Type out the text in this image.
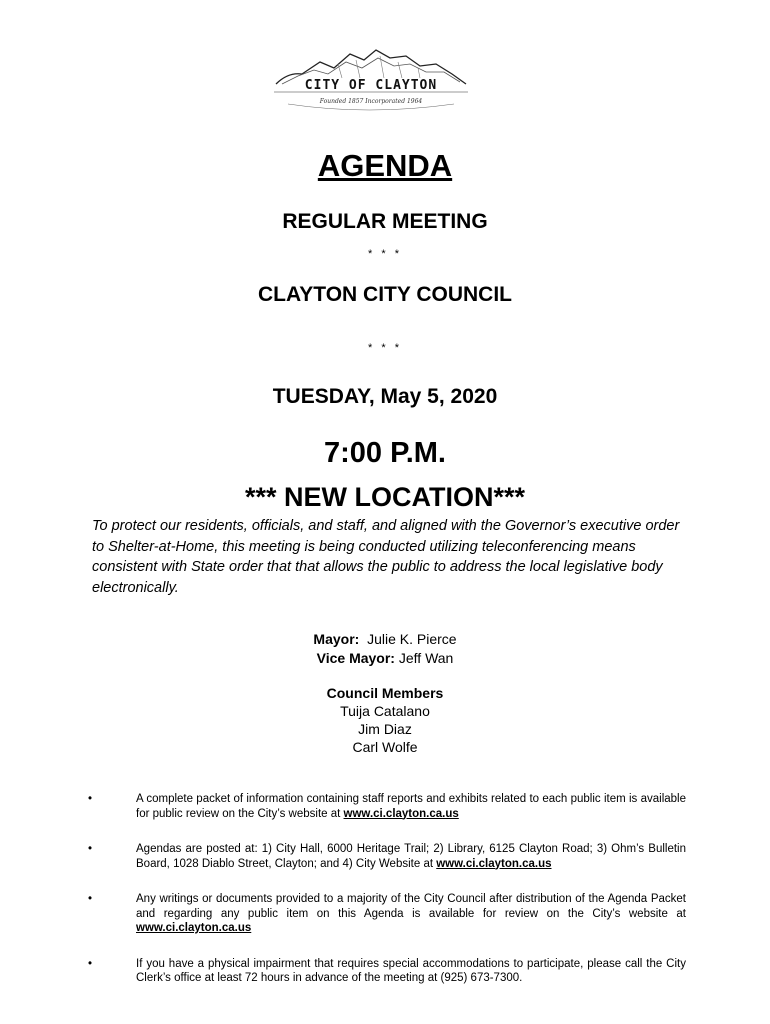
CITY OF CLAYTON
Founded 1857 Incorporated 1964
AGENDA
REGULAR MEETING
* * *
CLAYTON CITY COUNCIL
* * *
TUESDAY, May 5, 2020
7:00 P.M.
*** NEW LOCATION***
To protect our residents, officials, and staff, and aligned with the Governor’s executive order to Shelter-at-Home, this meeting is being conducted utilizing teleconferencing means consistent with State order that that allows the public to address the local legislative body electronically.
Mayor: Julie K. Pierce
Vice Mayor: Jeff Wan
Council Members
Tuija Catalano
Jim Diaz
Carl Wolfe
•	A complete packet of information containing staff reports and exhibits related to each public item is available for public review on the City’s website at www.ci.clayton.ca.us
•	Agendas are posted at: 1) City Hall, 6000 Heritage Trail; 2) Library, 6125 Clayton Road; 3) Ohm’s Bulletin Board, 1028 Diablo Street, Clayton; and 4) City Website at www.ci.clayton.ca.us
•	Any writings or documents provided to a majority of the City Council after distribution of the Agenda Packet and regarding any public item on this Agenda is available for review on the City’s website at www.ci.clayton.ca.us
•	If you have a physical impairment that requires special accommodations to participate, please call the City Clerk’s office at least 72 hours in advance of the meeting at (925) 673-7300.
